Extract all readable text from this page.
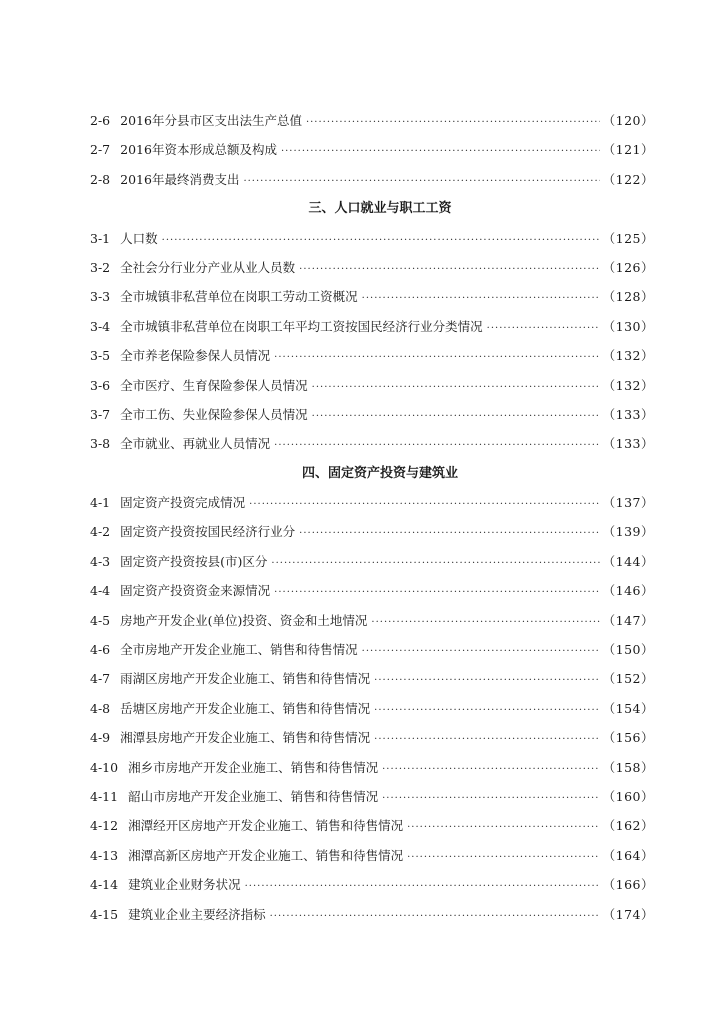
2-6 2016年分县市区支出法生产总值 ·····	（120）
2-7 2016年资本形成总额及构成 ·····	（121）
2-8 2016年最终消费支出 ·····	（122）
三、人口就业与职工工资
3-1 人口数 ·····	（125）
3-2 全社会分行业分产业从业人员数 ·····	（126）
3-3 全市城镇非私营单位在岗职工劳动工资概况 ·····	（128）
3-4 全市城镇非私营单位在岗职工年平均工资按国民经济行业分类情况 ·····	（130）
3-5 全市养老保险参保人员情况 ·····	（132）
3-6 全市医疗、生育保险参保人员情况 ·····	（132）
3-7 全市工伤、失业保险参保人员情况 ·····	（133）
3-8 全市就业、再就业人员情况 ·····	（133）
四、固定资产投资与建筑业
4-1 固定资产投资完成情况 ·····	（137）
4-2 固定资产投资按国民经济行业分 ·····	（139）
4-3 固定资产投资按县(市)区分 ·····	（144）
4-4 固定资产投资资金来源情况 ·····	（146）
4-5 房地产开发企业(单位)投资、资金和土地情况 ·····	（147）
4-6 全市房地产开发企业施工、销售和待售情况 ·····	（150）
4-7 雨湖区房地产开发企业施工、销售和待售情况 ·····	（152）
4-8 岳塘区房地产开发企业施工、销售和待售情况 ·····	（154）
4-9 湘潭县房地产开发企业施工、销售和待售情况 ·····	（156）
4-10 湘乡市房地产开发企业施工、销售和待售情况 ·····	（158）
4-11 韶山市房地产开发企业施工、销售和待售情况 ·····	（160）
4-12 湘潭经开区房地产开发企业施工、销售和待售情况 ·····	（162）
4-13 湘潭高新区房地产开发企业施工、销售和待售情况 ·····	（164）
4-14 建筑业企业财务状况 ·····	（166）
4-15 建筑业企业主要经济指标 ·····	（174）
